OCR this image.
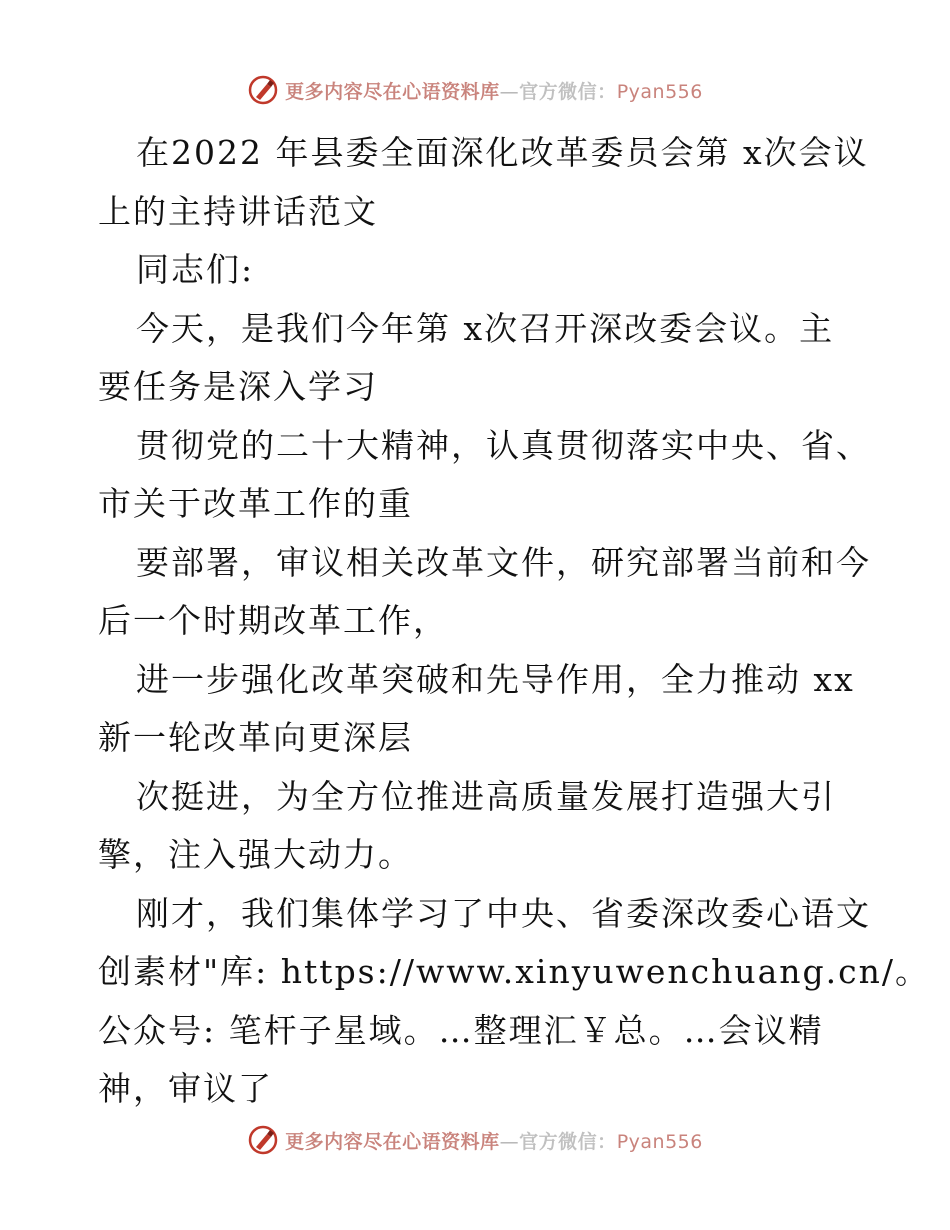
更多内容尽在心语资料库—官方微信：Pyan556
在2022 年县委全面深化改革委员会第 x次会议
上的主持讲话范文
同志们:
今天，是我们今年第 x次召开深改委会议。主
要任务是深入学习
贯彻党的二十大精神，认真贯彻落实中央、省、
市关于改革工作的重
要部署，审议相关改革文件，研究部署当前和今
后一个时期改革工作，
进一步强化改革突破和先导作用，全力推动 xx
新一轮改革向更深层
次挺进，为全方位推进高质量发展打造强大引
擎，注入强大动力。
刚才，我们集体学习了中央、省委深改委心语文
创素材"库: https://www.xinyuwenchuang.cn/。
公众号: 笔杆子星域。…整理汇￥总。…会议精
神，审议了
更多内容尽在心语资料库—官方微信：Pyan556
